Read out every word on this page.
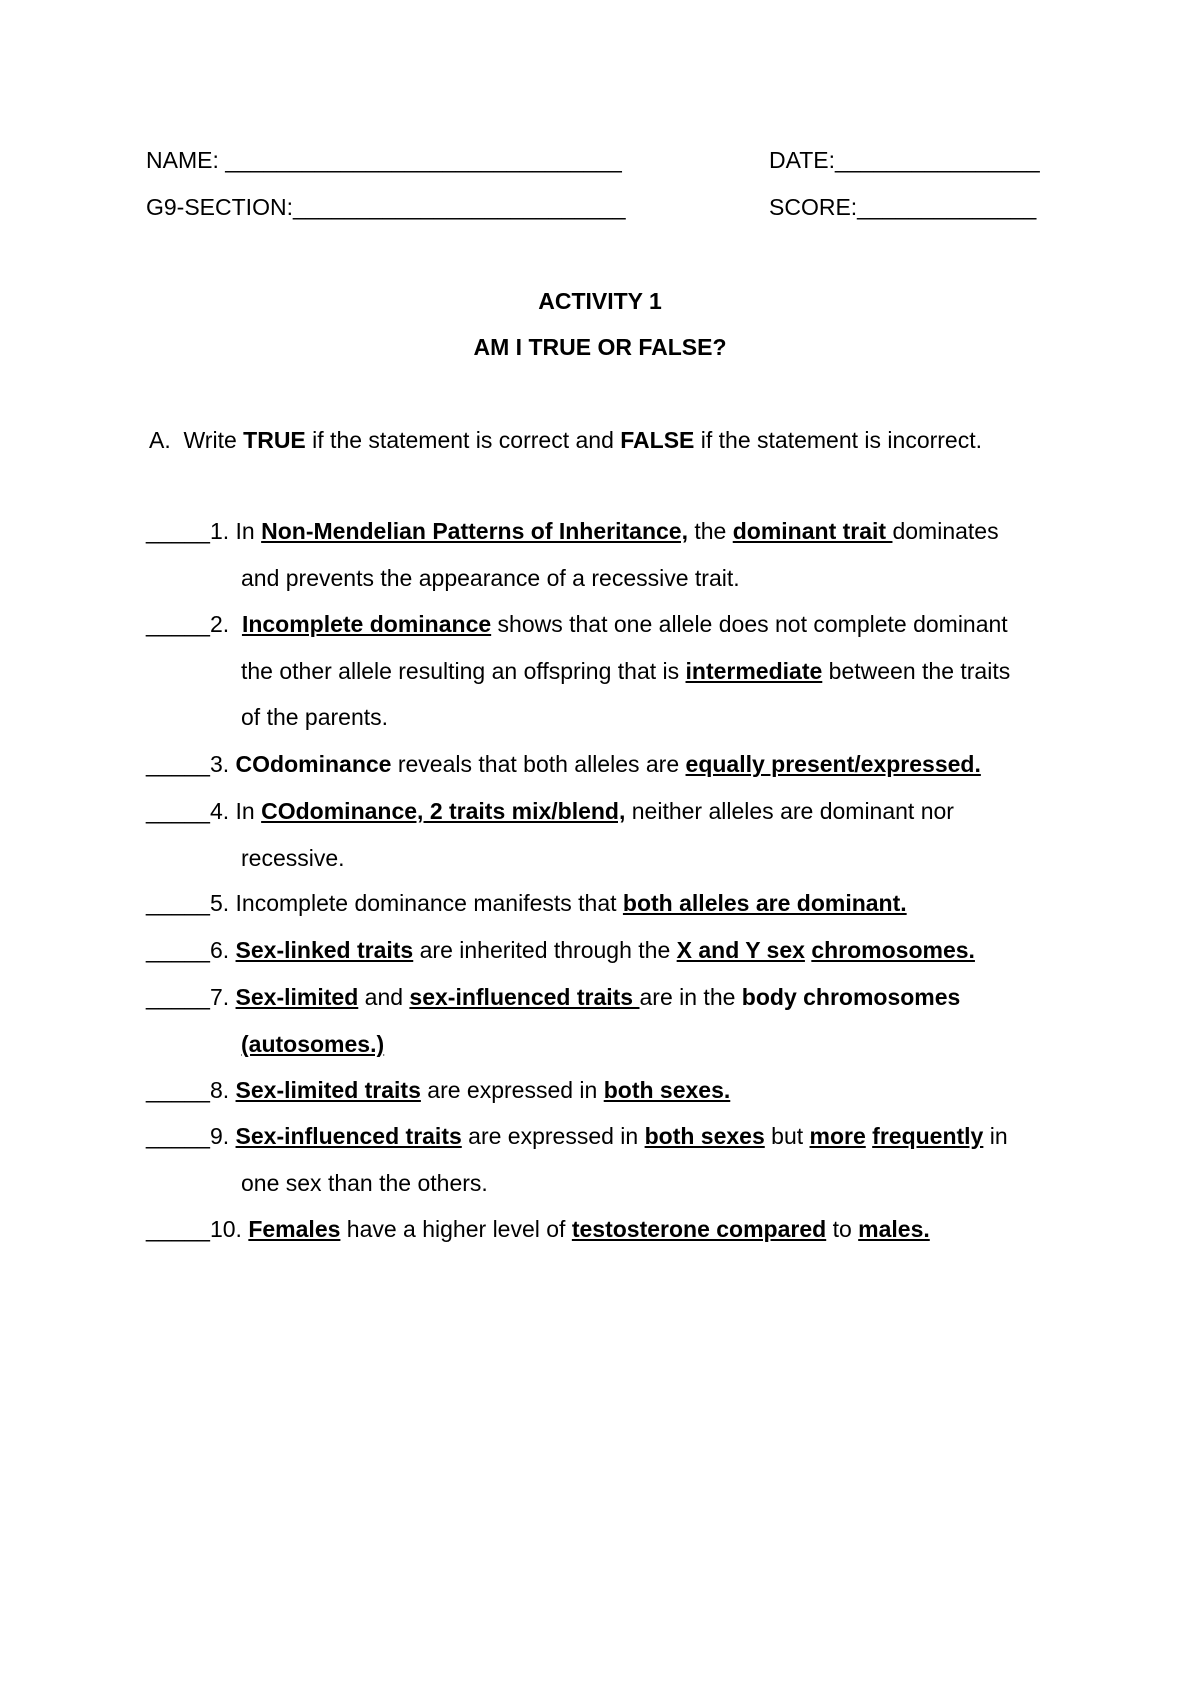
NAME: _______________________________	DATE:________________
G9-SECTION:__________________________	SCORE:______________
ACTIVITY 1
AM I TRUE OR FALSE?
A.  Write TRUE if the statement is correct and FALSE if the statement is incorrect.
_____1. In Non-Mendelian Patterns of Inheritance, the dominant trait dominates
and prevents the appearance of a recessive trait.
_____2. Incomplete dominance shows that one allele does not complete dominant
the other allele resulting an offspring that is intermediate between the traits
of the parents.
_____3. COdominance reveals that both alleles are equally present/expressed.
_____4. In COdominance, 2 traits mix/blend, neither alleles are dominant nor
recessive.
_____5. Incomplete dominance manifests that both alleles are dominant.
_____6. Sex-linked traits are inherited through the X and Y sex chromosomes.
_____7. Sex-limited and sex-influenced traits are in the body chromosomes
(autosomes.)
_____8. Sex-limited traits are expressed in both sexes.
_____9. Sex-influenced traits are expressed in both sexes but more frequently in
one sex than the others.
_____10. Females have a higher level of testosterone compared to males.
